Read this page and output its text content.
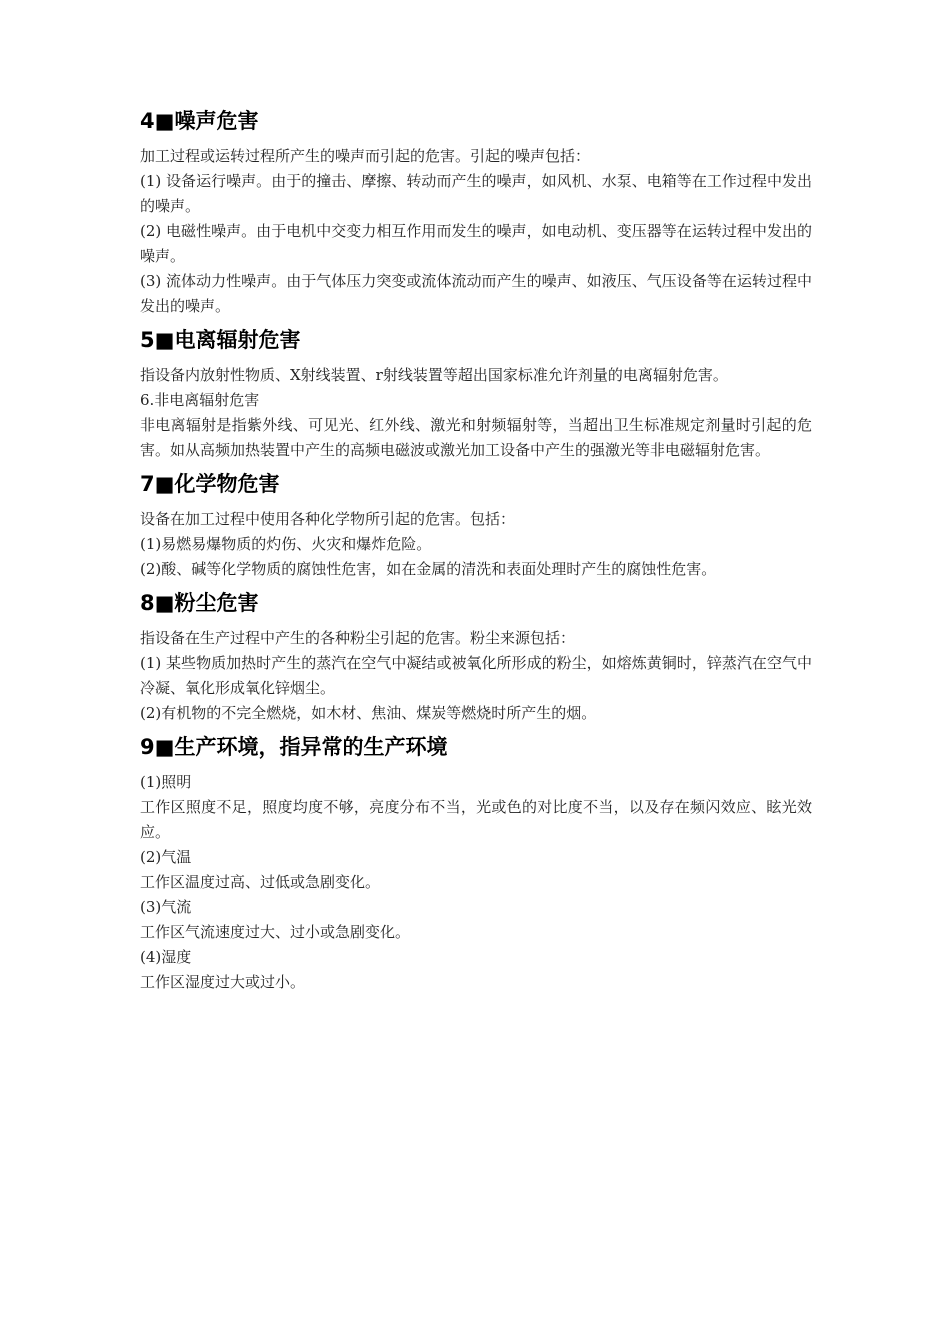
4■噪声危害

加工过程或运转过程所产生的噪声而引起的危害。引起的噪声包括：

(1) 设备运行噪声。由于的撞击、摩擦、转动而产生的噪声，如风机、水泵、电箱等在工作过程中发出的噪声。

(2) 电磁性噪声。由于电机中交变力相互作用而发生的噪声，如电动机、变压器等在运转过程中发出的噪声。

(3) 流体动力性噪声。由于气体压力突变或流体流动而产生的噪声、如液压、气压设备等在运转过程中发出的噪声。

5■电离辐射危害

指设备内放射性物质、X射线装置、r射线装置等超出国家标准允许剂量的电离辐射危害。

6.非电离辐射危害

非电离辐射是指紫外线、可见光、红外线、激光和射频辐射等，当超出卫生标准规定剂量时引起的危害。如从高频加热装置中产生的高频电磁波或激光加工设备中产生的强激光等非电磁辐射危害。

7■化学物危害

设备在加工过程中使用各种化学物所引起的危害。包括：

(1)易燃易爆物质的灼伤、火灾和爆炸危险。

(2)酸、碱等化学物质的腐蚀性危害，如在金属的清洗和表面处理时产生的腐蚀性危害。

8■粉尘危害

指设备在生产过程中产生的各种粉尘引起的危害。粉尘来源包括：

(1) 某些物质加热时产生的蒸汽在空气中凝结或被氧化所形成的粉尘，如熔炼黄铜时，锌蒸汽在空气中冷凝、氧化形成氧化锌烟尘。

(2)有机物的不完全燃烧，如木材、焦油、煤炭等燃烧时所产生的烟。

9■生产环境，指异常的生产环境

(1)照明

工作区照度不足，照度均度不够，亮度分布不当，光或色的对比度不当，以及存在频闪效应、眩光效应。

(2)气温

工作区温度过高、过低或急剧变化。

(3)气流

工作区气流速度过大、过小或急剧变化。

(4)湿度

工作区湿度过大或过小。
